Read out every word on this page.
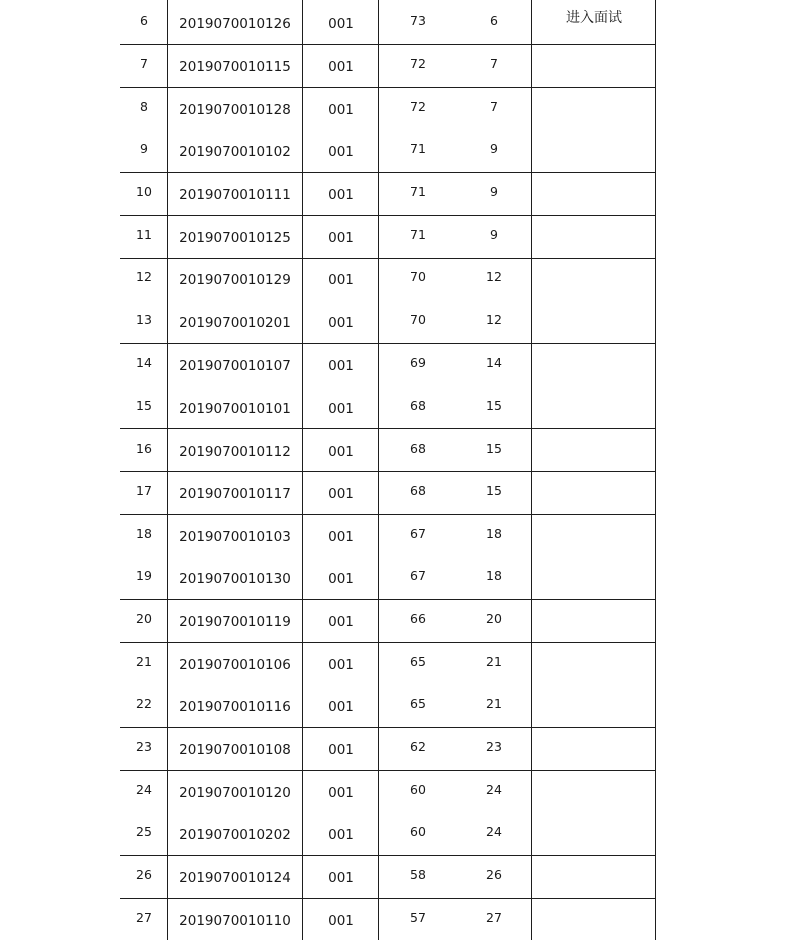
6 2019070010126	001	73	6	进入面试
7 2019070010115	001	72	7
8 2019070010128	001	72	7
9 2019070010102	001	71	9
10 2019070010111	001	71	9
11 2019070010125	001	71	9
12 2019070010129	001	70	12
13 2019070010201	001	70	12
14 2019070010107	001	69	14
15 2019070010101	001	68	15
16 2019070010112	001	68	15
17 2019070010117	001	68	15
18 2019070010103	001	67	18
19 2019070010130	001	67	18
20 2019070010119	001	66	20
21 2019070010106	001	65	21
22 2019070010116	001	65	21
23 2019070010108	001	62	23
24 2019070010120	001	60	24
25 2019070010202	001	60	24
26 2019070010124	001	58	26
27 2019070010110	001	57	27
